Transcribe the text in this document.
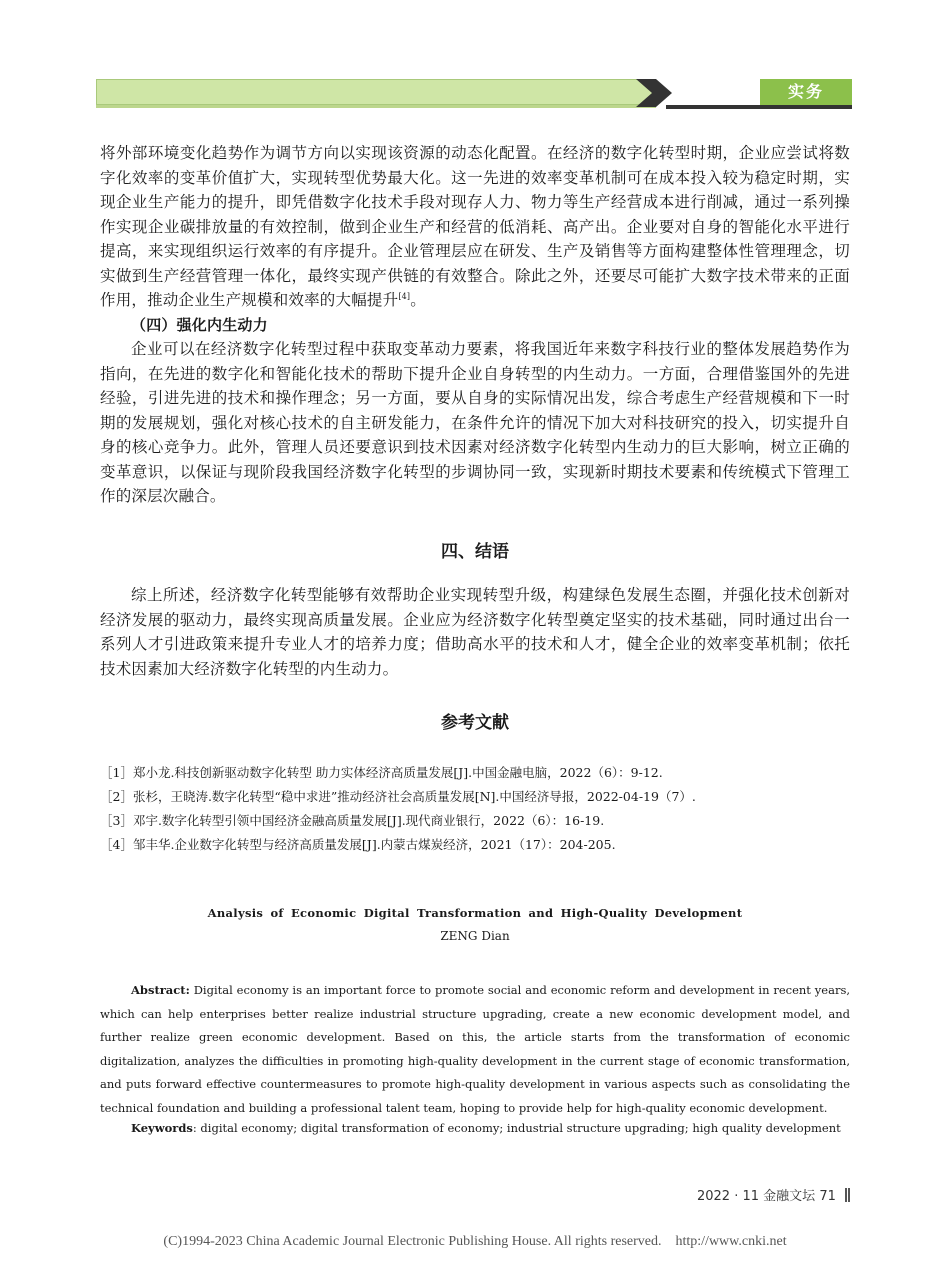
实务

将外部环境变化趋势作为调节方向以实现该资源的动态化配置。在经济的数字化转型时期，企业应尝试将数字化效率的变革价值扩大，实现转型优势最大化。这一先进的效率变革机制可在成本投入较为稳定时期，实现企业生产能力的提升，即凭借数字化技术手段对现存人力、物力等生产经营成本进行削减，通过一系列操作实现企业碳排放量的有效控制，做到企业生产和经营的低消耗、高产出。企业要对自身的智能化水平进行提高，来实现组织运行效率的有序提升。企业管理层应在研发、生产及销售等方面构建整体性管理理念，切实做到生产经营管理一体化，最终实现产供链的有效整合。除此之外，还要尽可能扩大数字技术带来的正面作用，推动企业生产规模和效率的大幅提升[4]。

（四）强化内生动力

企业可以在经济数字化转型过程中获取变革动力要素，将我国近年来数字科技行业的整体发展趋势作为指向，在先进的数字化和智能化技术的帮助下提升企业自身转型的内生动力。一方面，合理借鉴国外的先进经验，引进先进的技术和操作理念；另一方面，要从自身的实际情况出发，综合考虑生产经营规模和下一时期的发展规划，强化对核心技术的自主研发能力，在条件允许的情况下加大对科技研究的投入，切实提升自身的核心竞争力。此外，管理人员还要意识到技术因素对经济数字化转型内生动力的巨大影响，树立正确的变革意识，以保证与现阶段我国经济数字化转型的步调协同一致，实现新时期技术要素和传统模式下管理工作的深层次融合。

四、结语
综上所述，经济数字化转型能够有效帮助企业实现转型升级，构建绿色发展生态圈，并强化技术创新对经济发展的驱动力，最终实现高质量发展。企业应为经济数字化转型奠定坚实的技术基础，同时通过出台一系列人才引进政策来提升专业人才的培养力度；借助高水平的技术和人才，健全企业的效率变革机制；依托技术因素加大经济数字化转型的内生动力。
参考文献
［1］郑小龙.科技创新驱动数字化转型 助力实体经济高质量发展[J].中国金融电脑，2022（6）：9-12.
［2］张杉，王晓涛.数字化转型“稳中求进”推动经济社会高质量发展[N].中国经济导报，2022-04-19（7）.
［3］邓宇.数字化转型引领中国经济金融高质量发展[J].现代商业银行，2022（6）：16-19.
［4］邹丰华.企业数字化转型与经济高质量发展[J].内蒙古煤炭经济，2021（17）：204-205.
Analysis of Economic Digital Transformation and High-Quality Development
ZENG Dian
Abstract: Digital economy is an important force to promote social and economic reform and development in recent years, which can help enterprises better realize industrial structure upgrading, create a new economic development model, and further realize green economic development. Based on this, the article starts from the transformation of economic digitalization, analyzes the difficulties in promoting high-quality development in the current stage of economic transformation, and puts forward effective countermeasures to promote high-quality development in various aspects such as consolidating the technical foundation and building a professional talent team, hoping to provide help for high-quality economic development.
Keywords: digital economy; digital transformation of economy; industrial structure upgrading; high quality development
2022 · 11 金融文坛 71
(C)1994-2023 China Academic Journal Electronic Publishing House. All rights reserved. http://www.cnki.net
